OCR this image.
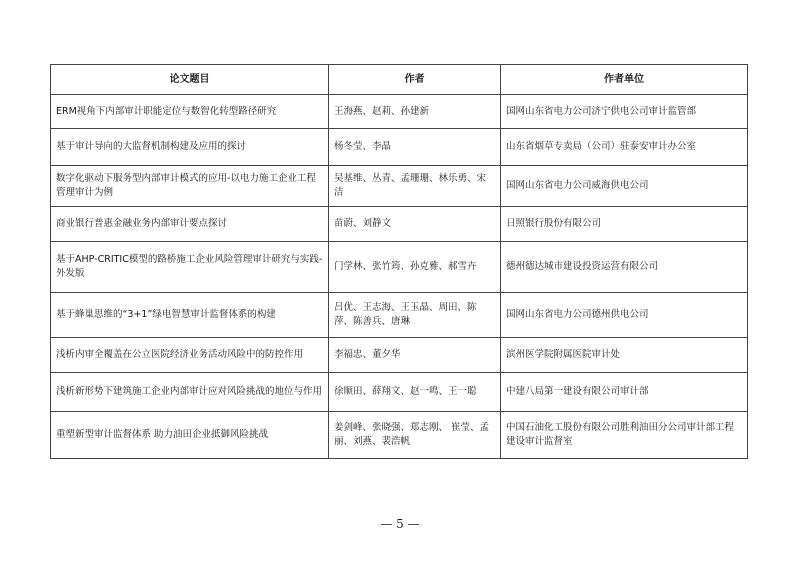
论文题目	作者	作者单位
ERM视角下内部审计职能定位与数智化转型路径研究	王海燕、赵莉、孙建新	国网山东省电力公司济宁供电公司审计监管部
基于审计导向的大监督机制构建及应用的探讨	杨冬莹、李晶	山东省烟草专卖局（公司）驻泰安审计办公室
数字化驱动下服务型内部审计模式的应用-以电力施工企业工程管理审计为例	吴基维、丛青、孟珊珊、林乐勇、宋洁	国网山东省电力公司威海供电公司
商业银行普惠金融业务内部审计要点探讨	苗蔚、刘静文	日照银行股份有限公司
基于AHP-CRITIC模型的路桥施工企业风险管理审计研究与实践-外发版	门学林、张竹筠、孙克雅、郝雪卉	德州德达城市建设投资运营有限公司
基于蜂巢思维的“3+1”绿电智慧审计监督体系的构建	吕优、王志海、王玉晶、周田、陈萍、陈善兵、唐琳	国网山东省电力公司德州供电公司
浅析内审全覆盖在公立医院经济业务活动风险中的防控作用	李福忠、董夕华	滨州医学院附属医院审计处
浅析新形势下建筑施工企业内部审计应对风险挑战的地位与作用	徐顺田、薛翔文、赵一鸣、王一聪	中建八局第一建设有限公司审计部
重塑新型审计监督体系 助力油田企业抵御风险挑战	姜剑峰、张晓强、郑志刚、 崔莹、孟丽、刘燕、裴浩帆	中国石油化工股份有限公司胜利油田分公司审计部工程建设审计监督室
— 5 —
